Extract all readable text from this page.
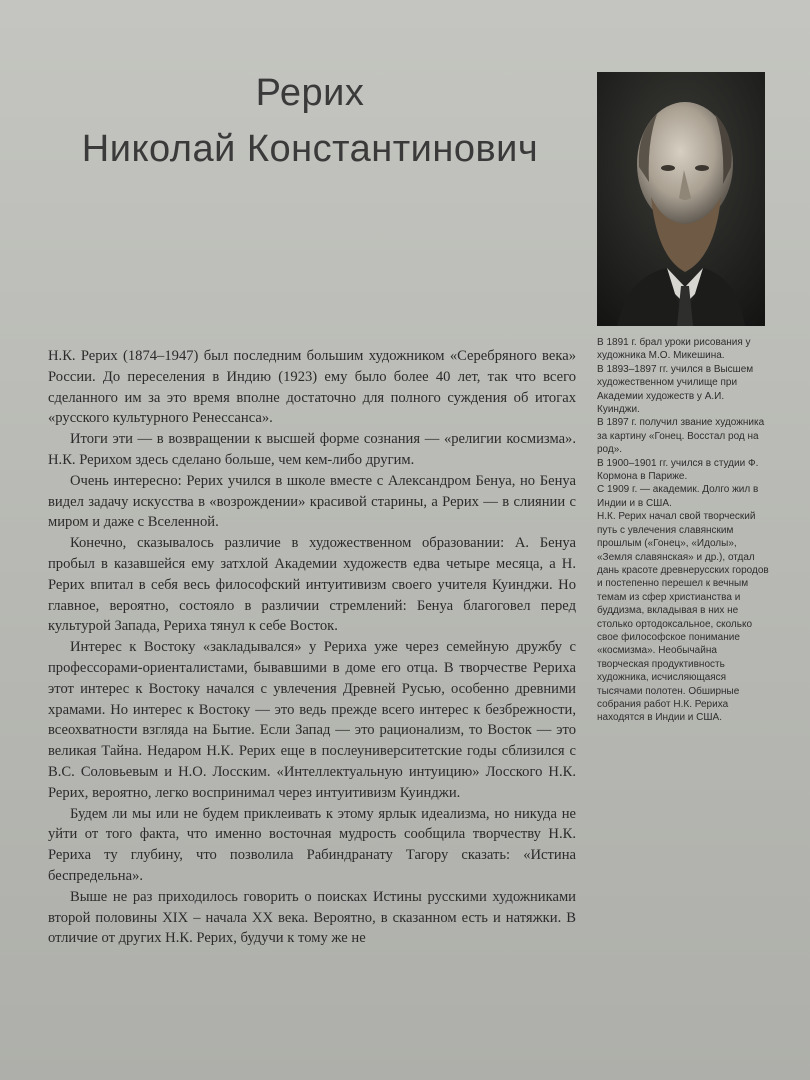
Рерих
Николай Константинович

Н.К. Рерих (1874–1947) был последним большим художником «Серебряного века» России. До переселения в Индию (1923) ему было более 40 лет, так что всего сделанного им за это время вполне достаточно для полного суждения об итогах «русского культурного Ренессанса».

Итоги эти — в возвращении к высшей форме сознания — «религии космизма». Н.К. Рерихом здесь сделано больше, чем кем-либо другим.

Очень интересно: Рерих учился в школе вместе с Александром Бенуа, но Бенуа видел задачу искусства в «возрождении» красивой старины, а Рерих — в слиянии с миром и даже с Вселенной.

Конечно, сказывалось различие в художественном образовании: А. Бенуа пробыл в казавшейся ему затхлой Академии художеств едва четыре месяца, а Н. Рерих впитал в себя весь философский интуитивизм своего учителя Куинджи. Но главное, вероятно, состояло в различии стремлений: Бенуа благоговел перед культурой Запада, Рериха тянул к себе Восток.

Интерес к Востоку «закладывался» у Рериха уже через семейную дружбу с профессорами-ориенталистами, бывавшими в доме его отца. В творчестве Рериха этот интерес к Востоку начался с увлечения Древней Русью, особенно древними храмами. Но интерес к Востоку — это ведь прежде всего интерес к безбрежности, всеохватности взгляда на Бытие. Если Запад — это рационализм, то Восток — это великая Тайна. Недаром Н.К. Рерих еще в послеуниверситетские годы сблизился с В.С. Соловьевым и Н.О. Лосским. «Интеллектуальную интуицию» Лосского Н.К. Рерих, вероятно, легко воспринимал через интуитивизм Куинджи.

Будем ли мы или не будем приклеивать к этому ярлык идеализма, но никуда не уйти от того факта, что именно восточная мудрость сообщила творчеству Н.К. Рериха ту глубину, что позволила Рабиндранату Тагору сказать: «Истина беспредельна».

Выше не раз приходилось говорить о поисках Истины русскими художниками второй половины XIX – начала XX века. Вероятно, в сказанном есть и натяжки. В отличие от других Н.К. Рерих, будучи к тому же не

В 1891 г. брал уроки рисования у художника М.О. Микешина.

В 1893–1897 гг. учился в Высшем художественном училище при Академии художеств у А.И. Куинджи.

В 1897 г. получил звание художника за картину «Гонец. Восстал род на род».

В 1900–1901 гг. учился в студии Ф. Кормона в Париже.

С 1909 г. — академик. Долго жил в Индии и в США.

Н.К. Рерих начал свой творческий путь с увлечения славянским прошлым («Гонец», «Идолы», «Земля славянская» и др.), отдал дань красоте древнерусских городов и постепенно перешел к вечным темам из сфер христианства и буддизма, вкладывая в них не столько ортодоксальное, сколько свое философское понимание «космизма». Необычайна творческая продуктивность художника, исчисляющаяся тысячами полотен. Обширные собрания работ Н.К. Рериха находятся в Индии и США.
